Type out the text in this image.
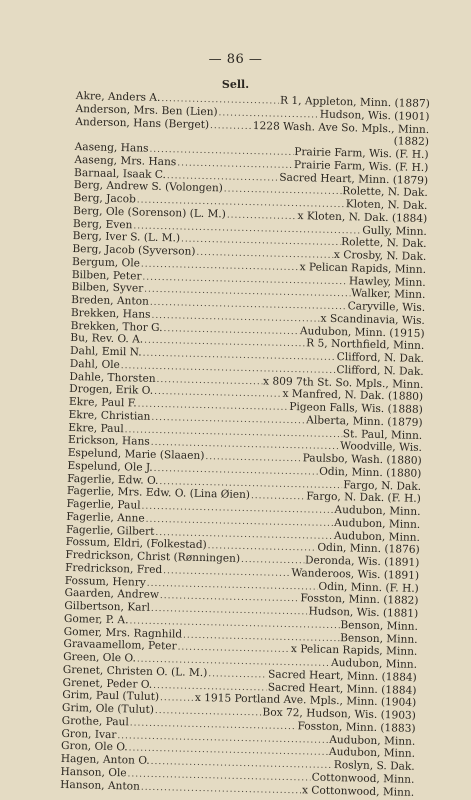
— 86 —
Sell.
Akre, Anders A. .....	R 1, Appleton, Minn. (1887)
Anderson, Mrs. Ben (Lien) .....	Hudson, Wis. (1901)
Anderson, Hans (Berget) .....	1228 Wash. Ave So. Mpls., Minn.
(1882)
Aaseng, Hans .....	Prairie Farm, Wis. (F. H.)
Aaseng, Mrs. Hans .....	Prairie Farm, Wis. (F. H.)
Barnaal, Isaak C. .....	Sacred Heart, Minn. (1879)
Berg, Andrew S. (Volongen) .....	Rolette, N. Dak.
Berg, Jacob .....	Kloten, N. Dak.
Berg, Ole (Sorenson) (L. M.) .....	x Kloten, N. Dak. (1884)
Berg, Even .....	Gully, Minn.
Berg, Iver S. (L. M.) .....	Rolette, N. Dak.
Berg, Jacob (Syverson) .....	x Crosby, N. Dak.
Bergum, Ole .....	x Pelican Rapids, Minn.
Bilben, Peter .....	Hawley, Minn.
Bilben, Syver .....	Walker, Minn.
Breden, Anton .....	Caryville, Wis.
Brekken, Hans .....	x Scandinavia, Wis.
Brekken, Thor G. .....	Audubon, Minn. (1915)
Bu, Rev. O. A. .....	R 5, Northfield, Minn.
Dahl, Emil N. .....	Clifford, N. Dak.
Dahl, Ole .....	Clifford, N. Dak.
Dahle, Thorsten .....	x 809 7th St. So. Mpls., Minn.
Drogen, Erik O. .....	x Manfred, N. Dak. (1880)
Ekre, Paul F. .....	Pigeon Falls, Wis. (1888)
Ekre, Christian .....	Alberta, Minn. (1879)
Ekre, Paul .....	St. Paul, Minn.
Erickson, Hans .....	Woodville, Wis.
Espelund, Marie (Slaaen) .....	Paulsbo, Wash. (1880)
Espelund, Ole J. .....	Odin, Minn. (1880)
Fagerlie, Edw. O. .....	Fargo, N. Dak.
Fagerlie, Mrs. Edw. O. (Lina Øien) .....	Fargo, N. Dak. (F. H.)
Fagerlie, Paul .....	Audubon, Minn.
Fagerlie, Anne .....	Audubon, Minn.
Fagerlie, Gilbert .....	Audubon, Minn.
Fossum, Eldri, (Folkestad) .....	Odin, Minn. (1876)
Fredrickson, Christ (Rønningen) .....	Deronda, Wis. (1891)
Fredrickson, Fred .....	Wanderoos, Wis. (1891)
Fossum, Henry .....	Odin, Minn. (F. H.)
Gaarden, Andrew .....	Fosston, Minn. (1882)
Gilbertson, Karl .....	Hudson, Wis. (1881)
Gomer, P. A. .....	Benson, Minn.
Gomer, Mrs. Ragnhild .....	Benson, Minn.
Gravaamellom, Peter .....	x Pelican Rapids, Minn.
Green, Ole O. .....	Audubon, Minn.
Grenet, Christen O. (L. M.) .....	Sacred Heart, Minn. (1884)
Grenet, Peder O. .....	Sacred Heart, Minn. (1884)
Grim, Paul (Tulut) .....	x 1915 Portland Ave. Mpls., Minn. (1904)
Grim, Ole (Tulut) .....	Box 72, Hudson, Wis. (1903)
Grothe, Paul .....	Fosston, Minn. (1883)
Gron, Ivar .....	Audubon, Minn.
Gron, Ole O. .....	Audubon, Minn.
Hagen, Anton O. .....	Roslyn, S. Dak.
Hanson, Ole .....	Cottonwood, Minn.
Hanson, Anton .....	x Cottonwood, Minn.
